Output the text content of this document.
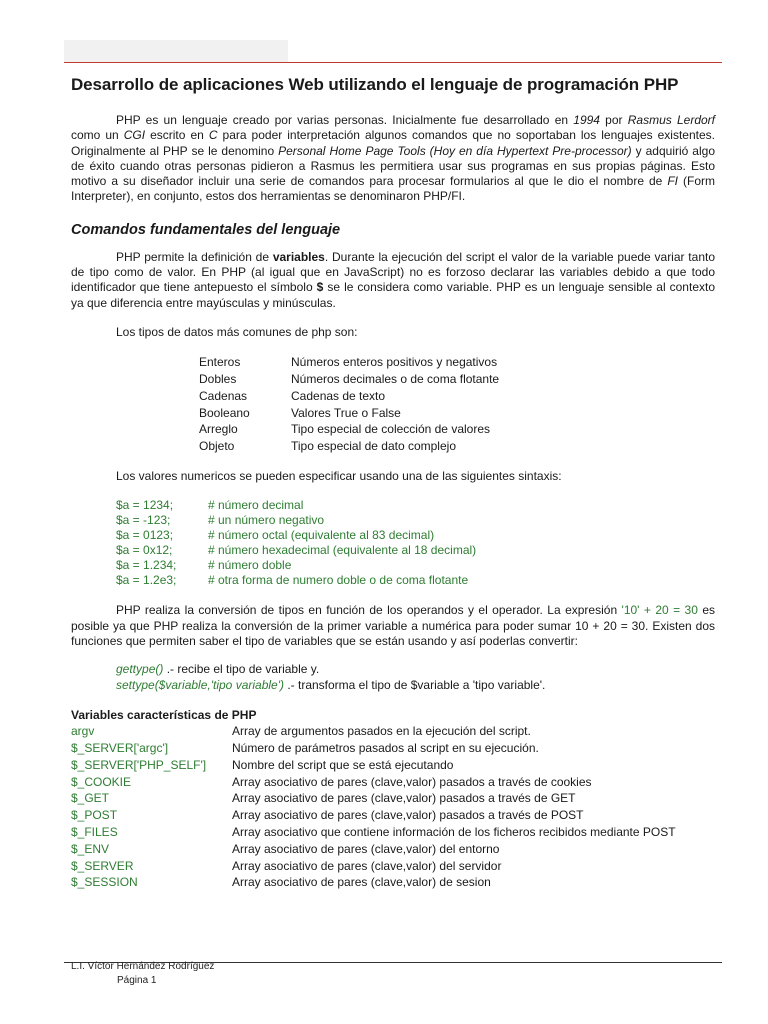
Desarrollo de aplicaciones Web utilizando el lenguaje de programación PHP

PHP es un lenguaje creado por varias personas. Inicialmente fue desarrollado en 1994 por Rasmus Lerdorf como un CGI escrito en C para poder interpretación algunos comandos que no soportaban los lenguajes existentes. Originalmente al PHP se le denomino Personal Home Page Tools (Hoy en día Hypertext Pre-processor) y adquirió algo de éxito cuando otras personas pidieron a Rasmus les permitiera usar sus programas en sus propias páginas. Esto motivo a su diseñador incluir una serie de comandos para procesar formularios al que le dio el nombre de FI (Form Interpreter), en conjunto, estos dos herramientas se denominaron PHP/FI.

Comandos fundamentales del lenguaje

PHP permite la definición de variables. Durante la ejecución del script el valor de la variable puede variar tanto de tipo como de valor. En PHP (al igual que en JavaScript) no es forzoso declarar las variables debido a que todo identificador que tiene antepuesto el símbolo $ se le considera como variable. PHP es un lenguaje sensible al contexto ya que diferencia entre mayúsculas y minúsculas.

Los tipos de datos más comunes de php son:

Enteros	Números enteros positivos y negativos
Dobles	Números decimales o de coma flotante
Cadenas	Cadenas de texto
Booleano	Valores True o False
Arreglo	Tipo especial de colección de valores
Objeto	Tipo especial de dato complejo

Los valores numericos se pueden especificar usando una de las siguientes sintaxis:

$a = 1234;	# número decimal
$a = -123;	# un número negativo
$a = 0123;	# número octal (equivalente al 83 decimal)
$a = 0x12;	# número hexadecimal (equivalente al 18 decimal)
$a = 1.234;	# número doble
$a = 1.2e3;	# otra forma de numero doble o de coma flotante

PHP realiza la conversión de tipos en función de los operandos y el operador. La expresión '10' + 20 = 30 es posible ya que PHP realiza la conversión de la primer variable a numérica para poder sumar 10 + 20 = 30. Existen dos funciones que permiten saber el tipo de variables que se están usando y así poderlas convertir:

gettype() .- recibe el tipo de variable y.
settype($variable,'tipo variable') .- transforma el tipo de $variable a 'tipo variable'.
Variables características de PHP
argv	Array de argumentos pasados en la ejecución del script.
$_SERVER['argc']	Número de parámetros pasados al script en su ejecución.
$_SERVER['PHP_SELF']	Nombre del script que se está ejecutando
$_COOKIE	Array asociativo de pares (clave,valor) pasados a través de cookies
$_GET	Array asociativo de pares (clave,valor) pasados a través de GET
$_POST	Array asociativo de pares (clave,valor) pasados a través de POST
$_FILES	Array asociativo que contiene información de los ficheros recibidos mediante POST
$_ENV	Array asociativo de pares (clave,valor) del entorno
$_SERVER	Array asociativo de pares (clave,valor) del servidor
$_SESSION	Array asociativo de pares (clave,valor) de sesion
L.I. Víctor Hernández Rodríguez
Página 1
